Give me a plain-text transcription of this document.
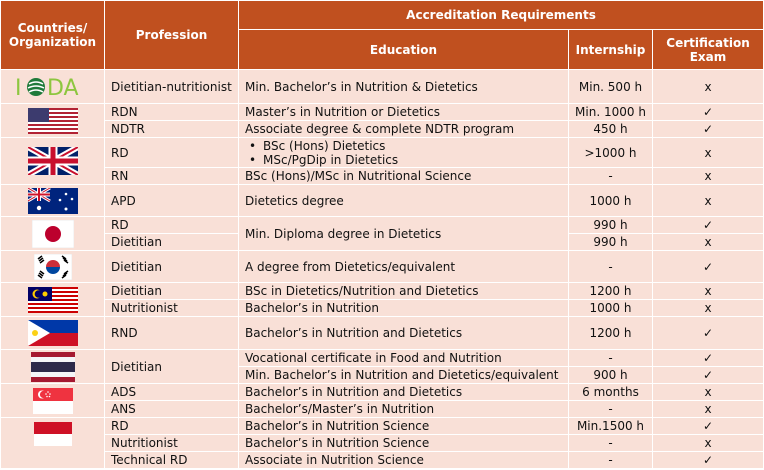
Countries/ Organization	Profession	Accreditation Requirements		
		Education	Internship	Certification Exam

I DA	Dietitian-nutritionist	Min. Bachelor’s in Nutrition & Dietetics	Min. 500 h	x
	RDN	Master’s in Nutrition or Dietetics	Min. 1000 h	✓
	NDTR	Associate degree & complete NDTR program	450 h	✓
	RD	• BSc (Hons) Dietetics
• MSc/PgDip in Dietetics	>1000 h	x
	RN	BSc (Hons)/MSc in Nutritional Science	-	x
	APD	Dietetics degree	1000 h	x
	RD	Min. Diploma degree in Dietetics	990 h	✓
	Dietitian		990 h	x
	Dietitian	A degree from Dietetics/equivalent	-	✓
	Dietitian	BSc in Dietetics/Nutrition and Dietetics	1200 h	x
	Nutritionist	Bachelor’s in Nutrition	1000 h	x
	RND	Bachelor’s in Nutrition and Dietetics	1200 h	✓
	Dietitian	Vocational certificate in Food and Nutrition	-	✓
		Min. Bachelor’s in Nutrition and Dietetics/equivalent	900 h	✓
	ADS	Bachelor’s in Nutrition and Dietetics	6 months	x
	ANS	Bachelor’s/Master’s in Nutrition	-	x
	RD	Bachelor’s in Nutrition Science	Min.1500 h	✓
	Nutritionist	Bachelor’s in Nutrition Science	-	x
	Technical RD	Associate in Nutrition Science	-	✓
